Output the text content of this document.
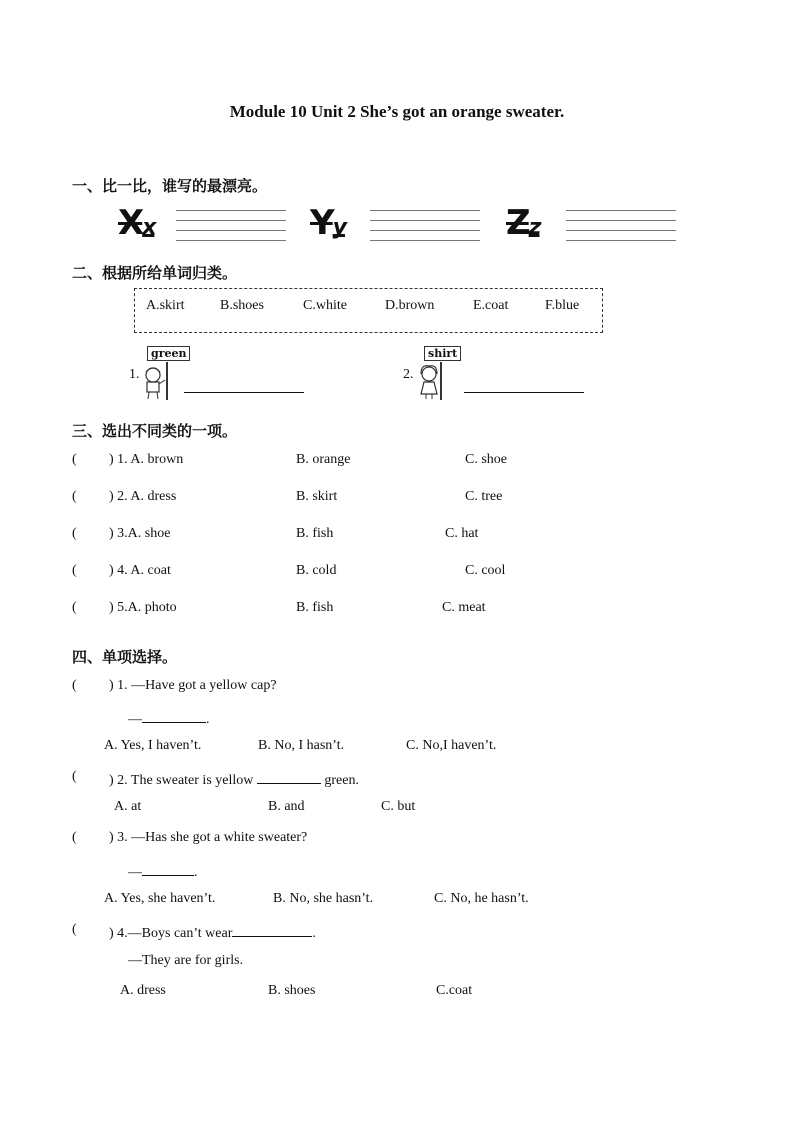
Module 10 Unit 2 She’s got an orange sweater.
一、比一比，谁写的最漂亮。
Xx	Yy	Zz
二、根据所给单词归类。
A.skirt	B.shoes	C.white	D.brown	E.coat	F.blue
1.
green
2.
shirt
三、选出不同类的一项。
( ) 1. A. brown	B. orange	C. shoe
( ) 2. A. dress	B. skirt	C. tree
( ) 3.A. shoe	B. fish	C. hat
( ) 4. A. coat	B. cold	C. cool
( ) 5.A. photo	B. fish	C. meat
四、单项选择。
( ) 1. —Have got a yellow cap?
—	.
A. Yes, I haven’t.	B. No, I hasn’t.	C. No,I haven’t.
( ) 2. The sweater is yellow	green.
A. at	B. and	C. but
( ) 3. —Has she got a white sweater?
—	.
A. Yes, she haven’t.	B. No, she hasn’t.	C. No, he hasn’t.
( ) 4.—Boys can’t wear	.
—They are for girls.
A. dress	B. shoes	C.coat
